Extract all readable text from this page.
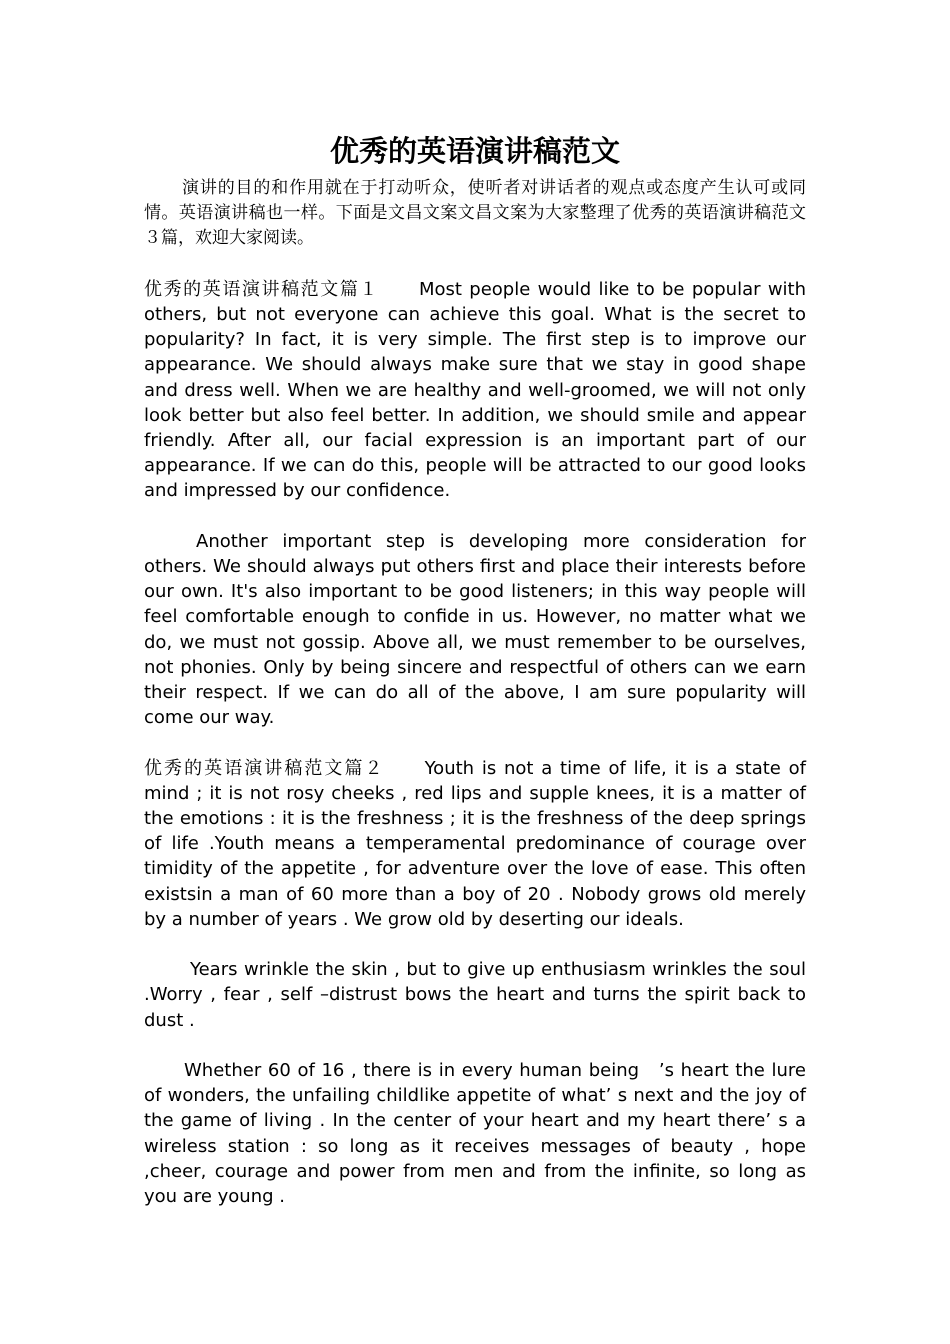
优秀的英语演讲稿范文

演讲的目的和作用就在于打动听众，使听者对讲话者的观点或态度产生认可或同情。英语演讲稿也一样。下面是文昌文案文昌文案为大家整理了优秀的英语演讲稿范文３篇，欢迎大家阅读。

优秀的英语演讲稿范文篇１ Most people would like to be popular with others, but not everyone can achieve this goal. What is the secret to popularity? In fact, it is very simple. The first step is to improve our appearance. We should always make sure that we stay in good shape and dress well. When we are healthy and well-groomed, we will not only look better but also feel better. In addition, we should smile and appear friendly. After all, our facial expression is an important part of our appearance. If we can do this, people will be attracted to our good looks and impressed by our confidence.

Another important step is developing more consideration for others. We should always put others first and place their interests before our own. It's also important to be good listeners; in this way people will feel comfortable enough to confide in us. However, no matter what we do, we must not gossip. Above all, we must remember to be ourselves, not phonies. Only by being sincere and respectful of others can we earn their respect. If we can do all of the above, I am sure popularity will come our way.

优秀的英语演讲稿范文篇２ Youth is not a time of life, it is a state of mind ; it is not rosy cheeks , red lips and supple knees, it is a matter of the emotions : it is the freshness ; it is the freshness of the deep springs of life .Youth means a temperamental predominance of courage over timidity of the appetite , for adventure over the love of ease. This often existsin a man of 60 more than a boy of 20 . Nobody grows old merely by a number of years . We grow old by deserting our ideals.

Years wrinkle the skin , but to give up enthusiasm wrinkles the soul .Worry , fear , self –distrust bows the heart and turns the spirit back to dust .

Whether 60 of 16 , there is in every human being　’s heart the lure of wonders, the unfailing childlike appetite of what’ s next and the joy of the game of living . In the center of your heart and my heart there’ s a wireless station : so long as it receives messages of beauty , hope ,cheer, courage and power from men and from the infinite, so long as you are young .
